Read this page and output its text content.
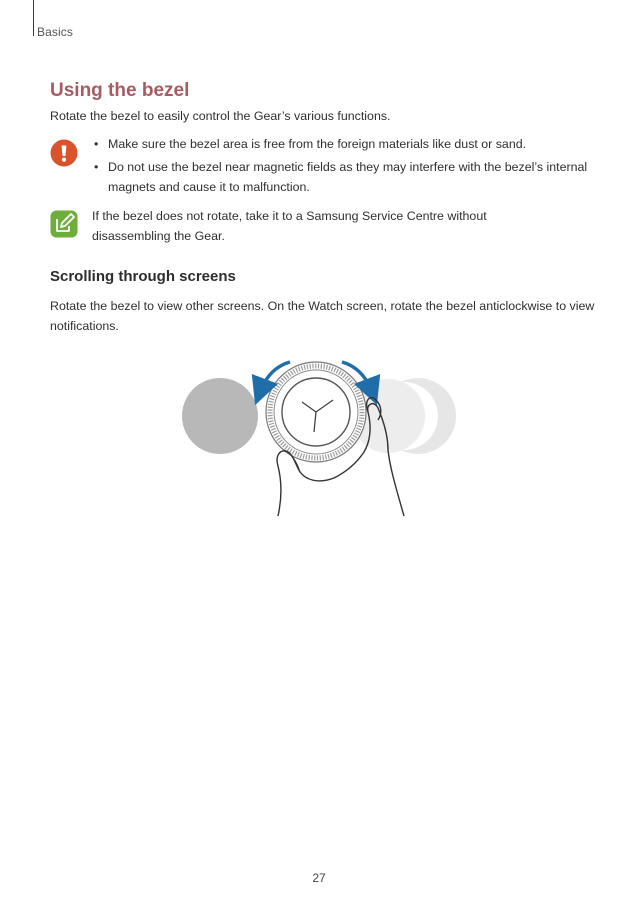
Basics
Using the bezel

Rotate the bezel to easily control the Gear’s various functions.

• Make sure the bezel area is free from the foreign materials like dust or sand.
• Do not use the bezel near magnetic fields as they may interfere with the bezel’s internal magnets and cause it to malfunction.

If the bezel does not rotate, take it to a Samsung Service Centre without disassembling the Gear.

Scrolling through screens

Rotate the bezel to view other screens. On the Watch screen, rotate the bezel anticlockwise to view notifications.

27
